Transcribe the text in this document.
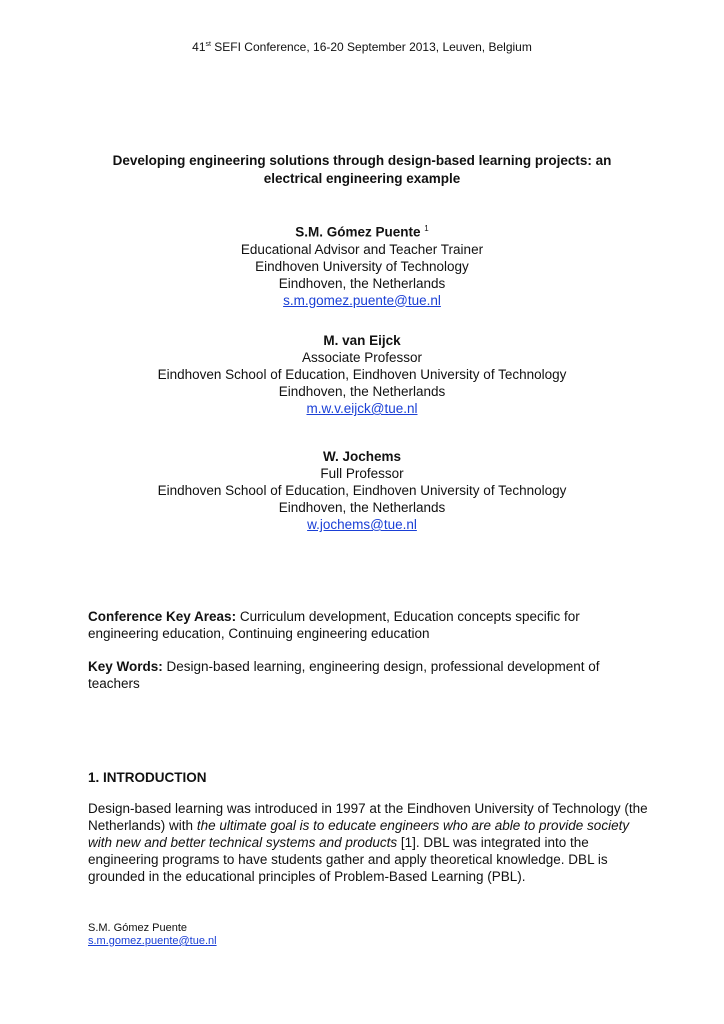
41st SEFI Conference, 16-20 September 2013, Leuven, Belgium
Developing engineering solutions through design-based learning projects: an
electrical engineering example
S.M. Gómez Puente $^1$
Educational Advisor and Teacher Trainer
Eindhoven University of Technology
Eindhoven, the Netherlands
s.m.gomez.puente@tue.nl
M. van Eijck
Associate Professor
Eindhoven School of Education, Eindhoven University of Technology
Eindhoven, the Netherlands
m.w.v.eijck@tue.nl
W. Jochems
Full Professor
Eindhoven School of Education, Eindhoven University of Technology
Eindhoven, the Netherlands
w.jochems@tue.nl
Conference Key Areas: Curriculum development, Education concepts specific for engineering education, Continuing engineering education
Key Words: Design-based learning, engineering design, professional development of teachers
1. INTRODUCTION
Design-based learning was introduced in 1997 at the Eindhoven University of Technology (the Netherlands) with the ultimate goal is to educate engineers who are able to provide society with new and better technical systems and products [1]. DBL was integrated into the engineering programs to have students gather and apply theoretical knowledge. DBL is grounded in the educational principles of Problem-Based Learning (PBL).
S.M. Gómez Puente
s.m.gomez.puente@tue.nl
